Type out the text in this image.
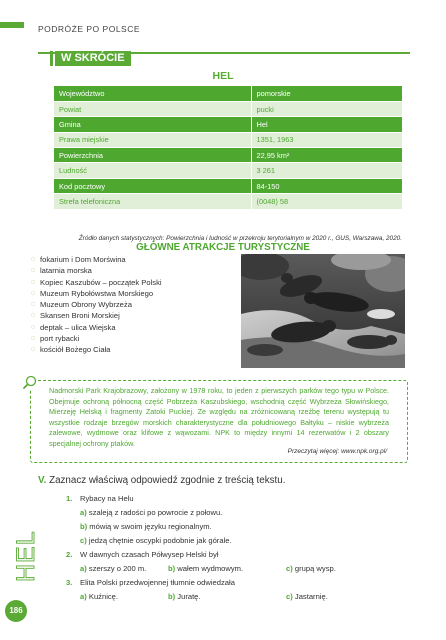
PODRÓŻE PO POLSCE
W SKRÓCIE
HEL
Województwo	pomorskie
Powiat	pucki
Gmina	Hel
Prawa miejskie	1351, 1963
Powierzchnia	22,95 km²
Ludność	3 261
Kod pocztowy	84-150
Strefa telefoniczna	(0048) 58
Źródło danych statystycznych: Powierzchnia i ludność w przekroju terytorialnym w 2020 r., GUS, Warszawa, 2020.
GŁÓWNE ATRAKCJE TURYSTYCZNE
◌ fokarium i Dom Morświna
◌ latarnia morska
◌ Kopiec Kaszubów – początek Polski
◌ Muzeum Rybołówstwa Morskiego
◌ Muzeum Obrony Wybrzeża
◌ Skansen Broni Morskiej
◌ deptak – ulica Wiejska
◌ port rybacki
◌ kościół Bożego Ciała
Nadmorski Park Krajobrazowy, założony w 1978 roku, to jeden z pierwszych parków tego typu w Polsce. Obejmuje ochroną północną część Pobrzeża Kaszubskiego, wschodnią część Wybrzeża Słowińskiego, Mierzeję Helską i fragmenty Zatoki Puckiej. Ze względu na zróżnicowaną rzeźbę terenu występują tu wszystkie rodzaje brzegów morskich charakterystyczne dla południowego Bałtyku – niskie wybrzeża zalewowe, wydmowe oraz klifowe z wąwozami. NPK to między innymi 14 rezerwatów i 2 obszary specjalnej ochrony ptaków.
Przeczytaj więcej: www.npk.org.pl/
V. Zaznacz właściwą odpowiedź zgodnie z treścią tekstu.
1. Rybacy na Helu
a) szaleją z radości po powrocie z połowu.
b) mówią w swoim języku regionalnym.
c) jedzą chętnie oscypki podobnie jak górale.
2. W dawnych czasach Półwysep Helski był
a) szerszy o 200 m.	b) wałem wydmowym.	c) grupą wysp.
3. Elita Polski przedwojennej tłumnie odwiedzała
a) Kuźnicę.	b) Juratę.	c) Jastarnię.
HEL
186
